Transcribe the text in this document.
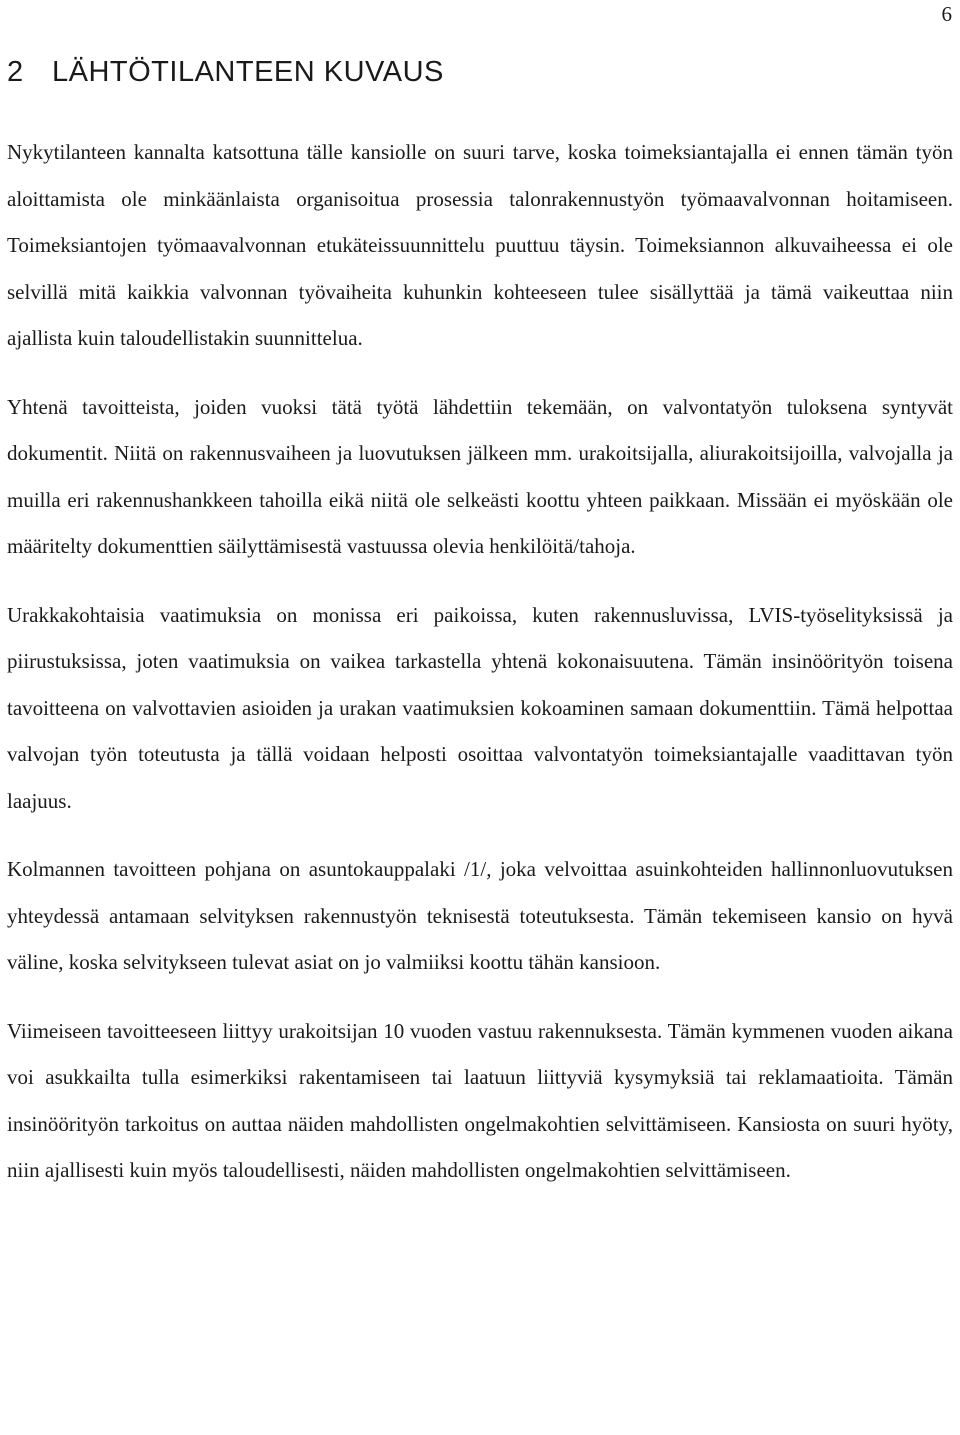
6
2 LÄHTÖTILANTEEN KUVAUS

Nykytilanteen kannalta katsottuna tälle kansiolle on suuri tarve, koska toimeksiantajalla ei ennen tämän työn aloittamista ole minkäänlaista organisoitua prosessia talonrakennustyön työmaavalvonnan hoitamiseen. Toimeksiantojen työmaavalvonnan etukäteissuunnittelu puuttuu täysin. Toimeksiannon alkuvaiheessa ei ole selvillä mitä kaikkia valvonnan työvaiheita kuhunkin kohteeseen tulee sisällyttää ja tämä vaikeuttaa niin ajallista kuin taloudellistakin suunnittelua.

Yhtenä tavoitteista, joiden vuoksi tätä työtä lähdettiin tekemään, on valvontatyön tuloksena syntyvät dokumentit. Niitä on rakennusvaiheen ja luovutuksen jälkeen mm. urakoitsijalla, aliurakoitsijoilla, valvojalla ja muilla eri rakennushankkeen tahoilla eikä niitä ole selkeästi koottu yhteen paikkaan. Missään ei myöskään ole määritelty dokumenttien säilyttämisestä vastuussa olevia henkilöitä/tahoja.

Urakkakohtaisia vaatimuksia on monissa eri paikoissa, kuten rakennusluvissa, LVIS-työselityksissä ja piirustuksissa, joten vaatimuksia on vaikea tarkastella yhtenä kokonaisuutena. Tämän insinöörityön toisena tavoitteena on valvottavien asioiden ja urakan vaatimuksien kokoaminen samaan dokumenttiin. Tämä helpottaa valvojan työn toteutusta ja tällä voidaan helposti osoittaa valvontatyön toimeksiantajalle vaadittavan työn laajuus.

Kolmannen tavoitteen pohjana on asuntokauppalaki /1/, joka velvoittaa asuinkohteiden hallinnonluovutuksen yhteydessä antamaan selvityksen rakennustyön teknisestä toteutuksesta. Tämän tekemiseen kansio on hyvä väline, koska selvitykseen tulevat asiat on jo valmiiksi koottu tähän kansioon.

Viimeiseen tavoitteeseen liittyy urakoitsijan 10 vuoden vastuu rakennuksesta. Tämän kymmenen vuoden aikana voi asukkailta tulla esimerkiksi rakentamiseen tai laatuun liittyviä kysymyksiä tai reklamaatioita. Tämän insinöörityön tarkoitus on auttaa näiden mahdollisten ongelmakohtien selvittämiseen. Kansiosta on suuri hyöty, niin ajallisesti kuin myös taloudellisesti, näiden mahdollisten ongelmakohtien selvittämiseen.
